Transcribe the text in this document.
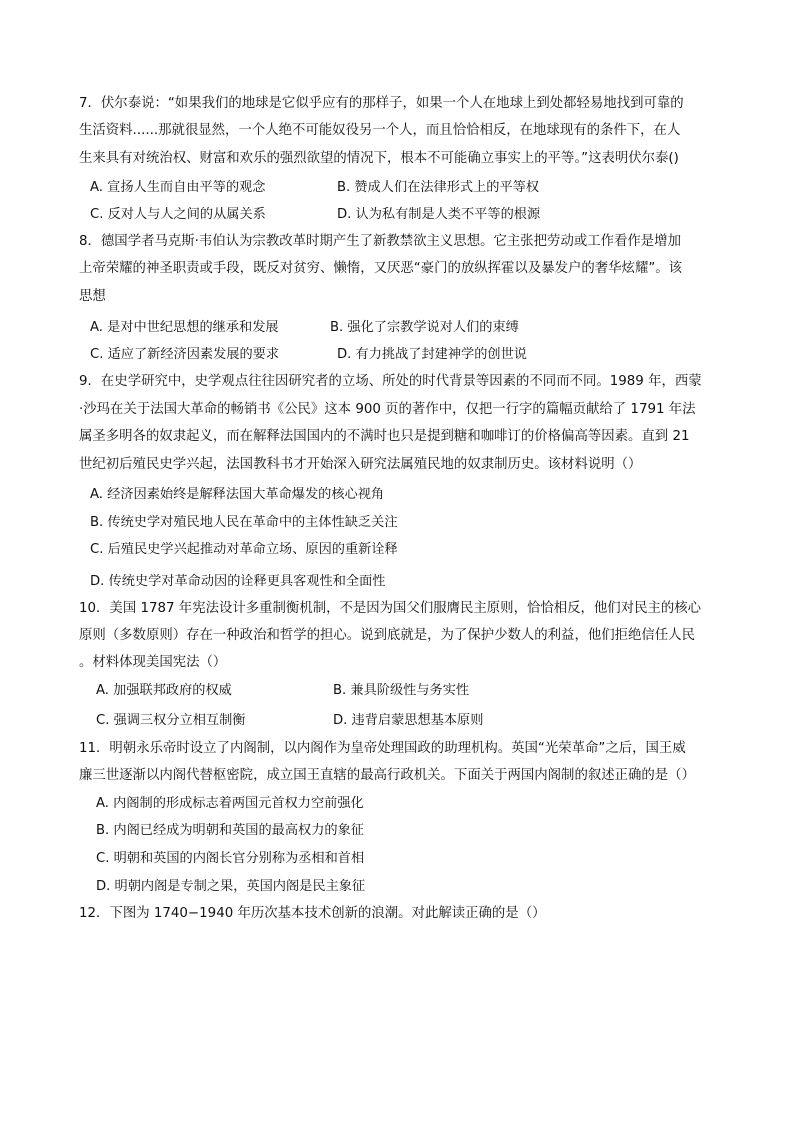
7．伏尔泰说：“如果我们的地球是它似乎应有的那样子，如果一个人在地球上到处都轻易地找到可靠的
生活资料......那就很显然，一个人绝不可能奴役另一个人，而且恰恰相反，在地球现有的条件下，在人
生来具有对统治权、财富和欢乐的强烈欲望的情况下，根本不可能确立事实上的平等。”这表明伏尔泰()
A. 宣扬人生而自由平等的观念	B. 赞成人们在法律形式上的平等权
C. 反对人与人之间的从属关系	D. 认为私有制是人类不平等的根源
8．德国学者马克斯·韦伯认为宗教改革时期产生了新教禁欲主义思想。它主张把劳动或工作看作是增加
上帝荣耀的神圣职责或手段，既反对贫穷、懒惰，又厌恶“豪门的放纵挥霍以及暴发户的奢华炫耀”。该
思想
A. 是对中世纪思想的继承和发展	B. 强化了宗教学说对人们的束缚
C. 适应了新经济因素发展的要求	D. 有力挑战了封建神学的创世说
9．在史学研究中，史学观点往往因研究者的立场、所处的时代背景等因素的不同而不同。1989 年，西蒙
·沙玛在关于法国大革命的畅销书《公民》这本 900 页的著作中，仅把一行字的篇幅贡献给了 1791 年法
属圣多明各的奴隶起义，而在解释法国国内的不满时也只是提到糖和咖啡订的价格偏高等因素。直到 21
世纪初后殖民史学兴起，法国教科书才开始深入研究法属殖民地的奴隶制历史。该材料说明（）
A. 经济因素始终是解释法国大革命爆发的核心视角
B. 传统史学对殖民地人民在革命中的主体性缺乏关注
C. 后殖民史学兴起推动对革命立场、原因的重新诠释
D. 传统史学对革命动因的诠释更具客观性和全面性
10．美国 1787 年宪法设计多重制衡机制，不是因为国父们服膺民主原则，恰恰相反，他们对民主的核心
原则（多数原则）存在一种政治和哲学的担心。说到底就是，为了保护少数人的利益，他们拒绝信任人民
。材料体现美国宪法（）
A. 加强联邦政府的权威	B. 兼具阶级性与务实性
C. 强调三权分立相互制衡	D. 违背启蒙思想基本原则
11．明朝永乐帝时设立了内阁制，以内阁作为皇帝处理国政的助理机构。英国“光荣革命”之后，国王威
廉三世逐渐以内阁代替枢密院，成立国王直辖的最高行政机关。下面关于两国内阁制的叙述正确的是（）
A. 内阁制的形成标志着两国元首权力空前强化
B. 内阁已经成为明朝和英国的最高权力的象征
C. 明朝和英国的内阁长官分别称为丞相和首相
D. 明朝内阁是专制之果，英国内阁是民主象征
12．下图为 1740−1940 年历次基本技术创新的浪潮。对此解读正确的是（）
